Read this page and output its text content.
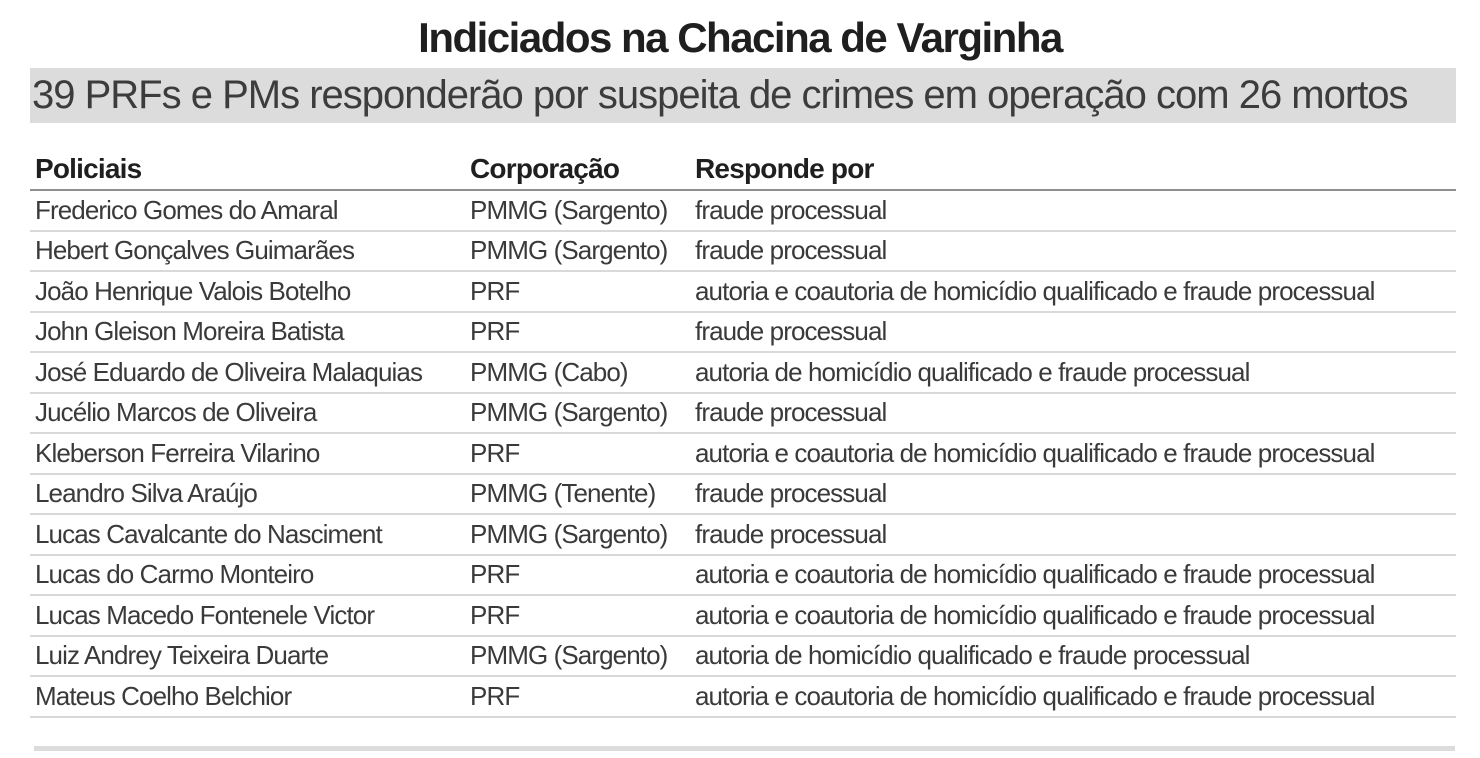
Indiciados na Chacina de Varginha
39 PRFs e PMs responderão por suspeita de crimes em operação com 26 mortos
Policiais	Corporação	Responde por
Frederico Gomes do Amaral	PMMG (Sargento)	fraude processual
Hebert Gonçalves Guimarães	PMMG (Sargento)	fraude processual
João Henrique Valois Botelho	PRF	autoria e coautoria de homicídio qualificado e fraude processual
John Gleison Moreira Batista	PRF	fraude processual
José Eduardo de Oliveira Malaquias	PMMG (Cabo)	autoria de homicídio qualificado e fraude processual
Jucélio Marcos de Oliveira	PMMG (Sargento)	fraude processual
Kleberson Ferreira Vilarino	PRF	autoria e coautoria de homicídio qualificado e fraude processual
Leandro Silva Araújo	PMMG (Tenente)	fraude processual
Lucas Cavalcante do Nasciment	PMMG (Sargento)	fraude processual
Lucas do Carmo Monteiro	PRF	autoria e coautoria de homicídio qualificado e fraude processual
Lucas Macedo Fontenele Victor	PRF	autoria e coautoria de homicídio qualificado e fraude processual
Luiz Andrey Teixeira Duarte	PMMG (Sargento)	autoria de homicídio qualificado e fraude processual
Mateus Coelho Belchior	PRF	autoria e coautoria de homicídio qualificado e fraude processual
